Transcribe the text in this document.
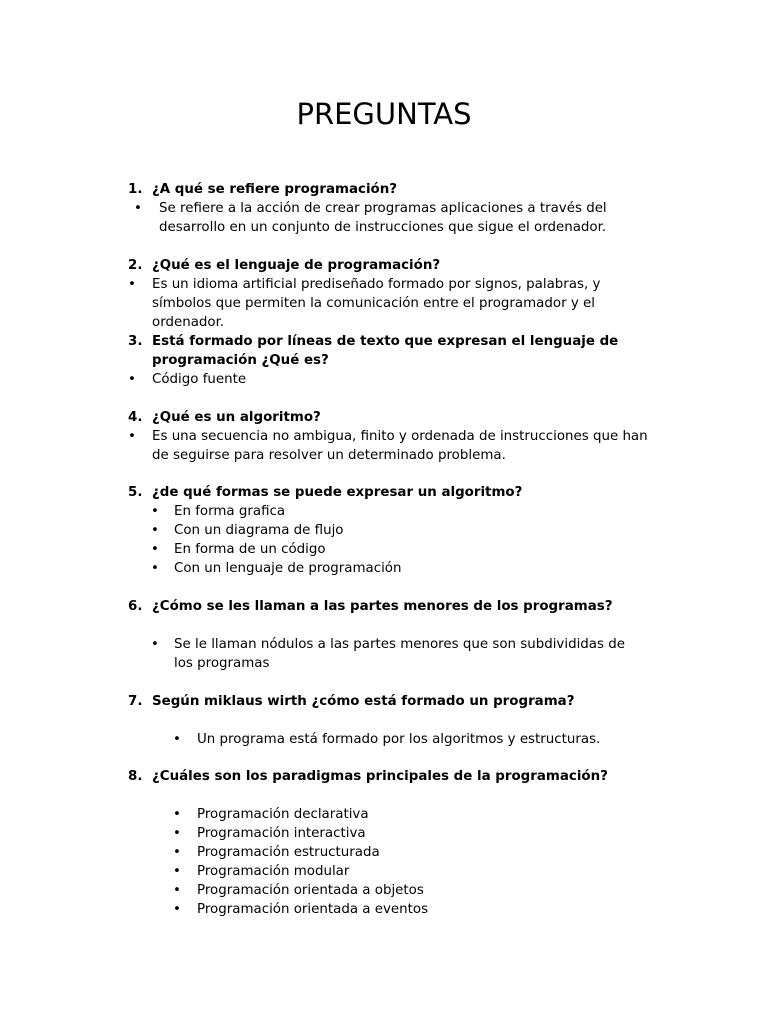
PREGUNTAS
1. ¿A qué se refiere programación?
• Se refiere a la acción de crear programas aplicaciones a través del desarrollo en un conjunto de instrucciones que sigue el ordenador.
2. ¿Qué es el lenguaje de programación?
• Es un idioma artificial prediseñado formado por signos, palabras, y símbolos que permiten la comunicación entre el programador y el ordenador.
3. Está formado por líneas de texto que expresan el lenguaje de programación ¿Qué es?
• Código fuente
4. ¿Qué es un algoritmo?
• Es una secuencia no ambigua, finito y ordenada de instrucciones que han de seguirse para resolver un determinado problema.
5. ¿de qué formas se puede expresar un algoritmo?
• En forma grafica
• Con un diagrama de flujo
• En forma de un código
• Con un lenguaje de programación
6. ¿Cómo se les llaman a las partes menores de los programas?
• Se le llaman nódulos a las partes menores que son subdivididas de los programas
7. Según miklaus wirth ¿cómo está formado un programa?
• Un programa está formado por los algoritmos y estructuras.
8. ¿Cuáles son los paradigmas principales de la programación?
• Programación declarativa
• Programación interactiva
• Programación estructurada
• Programación modular
• Programación orientada a objetos
• Programación orientada a eventos
